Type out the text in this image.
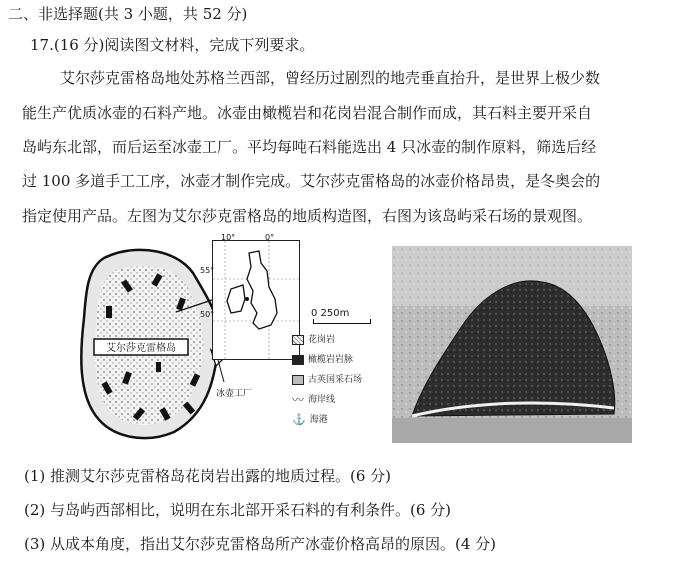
二、非选择题(共 3 小题，共 52 分)
17.(16 分)阅读图文材料，完成下列要求。
艾尔莎克雷格岛地处苏格兰西部，曾经历过剧烈的地壳垂直抬升，是世界上极少数
能生产优质冰壶的石料产地。冰壶由橄榄岩和花岗岩混合制作而成，其石料主要开采自
岛屿东北部，而后运至冰壶工厂。平均每吨石料能选出 4 只冰壶的制作原料，筛选后经
过 100 多道手工工序，冰壶才制作完成。艾尔莎克雷格岛的冰壶价格昂贵，是冬奥会的
指定使用产品。左图为艾尔莎克雷格岛的地质构造图，右图为该岛屿采石场的景观图。
艾尔莎克雷格岛
冰壶工厂
10°	0°
55°
50°	0 250m
花岗岩
橄榄岩岩脉
古英国采石场
〰 海岸线
⚓ 海港
(1) 推测艾尔莎克雷格岛花岗岩出露的地质过程。(6 分)
(2) 与岛屿西部相比，说明在东北部开采石料的有利条件。(6 分)
(3) 从成本角度，指出艾尔莎克雷格岛所产冰壶价格高昂的原因。(4 分)
